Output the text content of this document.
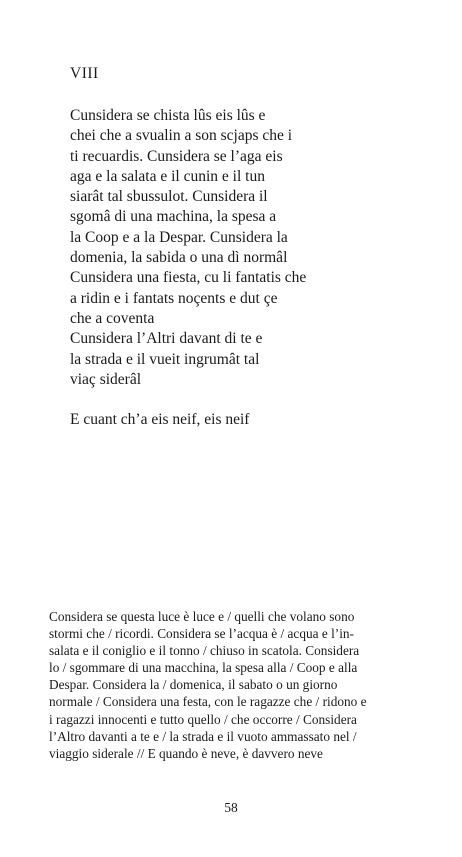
VIII
Cunsidera se chista lûs eis lûs e
chei che a svualin a son scjaps che i
ti recuardis. Cunsidera se l’aga eis
aga e la salata e il cunin e il tun
siarât tal sbussulot. Cunsidera il
sgomâ di una machina, la spesa a
la Coop e a la Despar. Cunsidera la
domenia, la sabida o una dì normâl
Cunsidera una fiesta, cu li fantatis che
a ridin e i fantats noçents e dut çe
che a coventa
Cunsidera l’Altri davant di te e
la strada e il vueit ingrumât tal
viaç siderâl
E cuant ch’a eis neif, eis neif
Considera se questa luce è luce e / quelli che volano sono
stormi che / ricordi. Considera se l’acqua è / acqua e l’in-
salata e il coniglio e il tonno / chiuso in scatola. Considera
lo / sgommare di una macchina, la spesa alla / Coop e alla
Despar. Considera la / domenica, il sabato o un giorno
normale / Considera una festa, con le ragazze che / ridono e
i ragazzi innocenti e tutto quello / che occorre / Considera
l’Altro davanti a te e / la strada e il vuoto ammassato nel /
viaggio siderale // E quando è neve, è davvero neve
58
